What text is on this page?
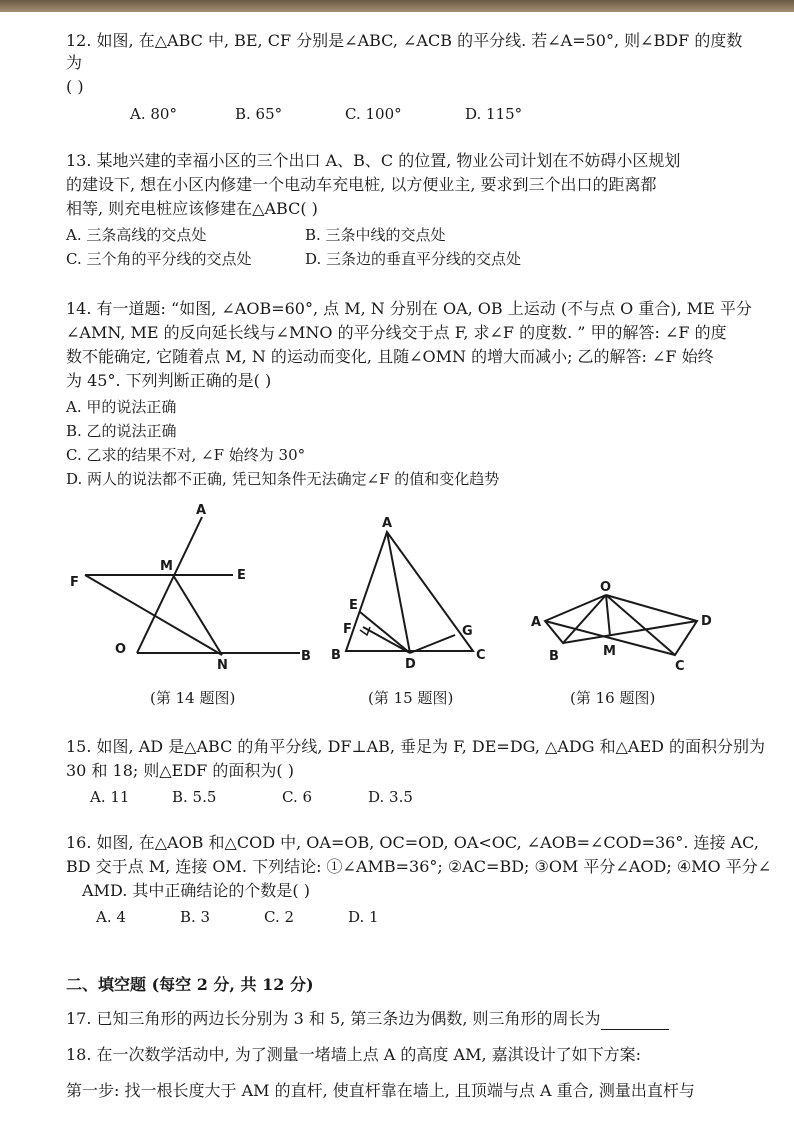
12. 如图, 在△ABC 中, BE, CF 分别是∠ABC, ∠ACB 的平分线. 若∠A=50°, 则∠BDF 的度数
为
( )
A. 80°	B. 65°	C. 100°	D. 115°
13. 某地兴建的幸福小区的三个出口 A、B、C 的位置, 物业公司计划在不妨碍小区规划
的建设下, 想在小区内修建一个电动车充电桩, 以方便业主, 要求到三个出口的距离都
相等, 则充电桩应该修建在△ABC( )
A. 三条高线的交点处	B. 三条中线的交点处
C. 三个角的平分线的交点处	D. 三条边的垂直平分线的交点处
14. 有一道题: “如图, ∠AOB=60°, 点 M, N 分别在 OA, OB 上运动 (不与点 O 重合), ME 平分
∠AMN, ME 的反向延长线与∠MNO 的平分线交于点 F, 求∠F 的度数. ” 甲的解答: ∠F 的度
数不能确定, 它随着点 M, N 的运动而变化, 且随∠OMN 的增大而减小; 乙的解答: ∠F 始终
为 45°. 下列判断正确的是( )
A. 甲的说法正确
B. 乙的说法正确
C. 乙求的结果不对, ∠F 始终为 30°
D. 两人的说法都不正确, 凭已知条件无法确定∠F 的值和变化趋势
A
M
E
F
O
N
B
A
E
F	G
B
D
C
O
A	D
B	M
C
(第 14 题图)	(第 15 题图)	(第 16 题图)
15. 如图, AD 是△ABC 的角平分线, DF⊥AB, 垂足为 F, DE=DG, △ADG 和△AED 的面积分别为
30 和 18; 则△EDF 的面积为( )
A. 11	B. 5.5	C. 6	D. 3.5
16. 如图, 在△AOB 和△COD 中, OA=OB, OC=OD, OA<OC, ∠AOB=∠COD=36°. 连接 AC,
BD 交于点 M, 连接 OM. 下列结论: ①∠AMB=36°; ②AC=BD; ③OM 平分∠AOD; ④MO 平分∠
AMD. 其中正确结论的个数是( )
A. 4	B. 3	C. 2	D. 1
二、填空题 (每空 2 分, 共 12 分)
17. 已知三角形的两边长分别为 3 和 5, 第三条边为偶数, 则三角形的周长为
18. 在一次数学活动中, 为了测量一堵墙上点 A 的高度 AM, 嘉淇设计了如下方案:
第一步: 找一根长度大于 AM 的直杆, 使直杆靠在墙上, 且顶端与点 A 重合, 测量出直杆与
